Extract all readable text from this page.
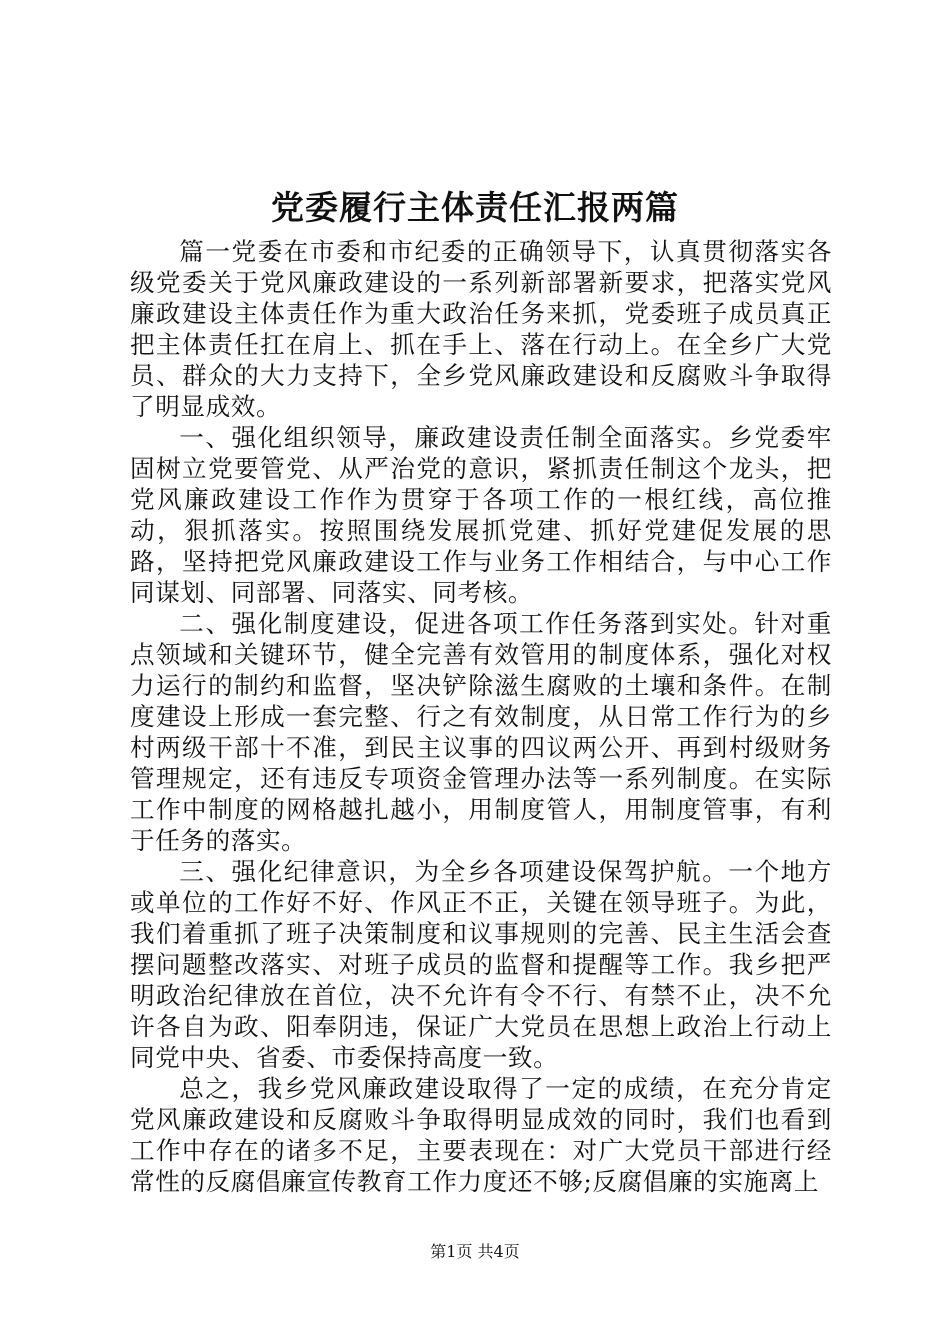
党委履行主体责任汇报两篇

篇一党委在市委和市纪委的正确领导下，认真贯彻落实各级党委关于党风廉政建设的一系列新部署新要求，把落实党风廉政建设主体责任作为重大政治任务来抓，党委班子成员真正把主体责任扛在肩上、抓在手上、落在行动上。在全乡广大党员、群众的大力支持下，全乡党风廉政建设和反腐败斗争取得了明显成效。

一、强化组织领导，廉政建设责任制全面落实。乡党委牢固树立党要管党、从严治党的意识，紧抓责任制这个龙头，把党风廉政建设工作作为贯穿于各项工作的一根红线，高位推动，狠抓落实。按照围绕发展抓党建、抓好党建促发展的思路，坚持把党风廉政建设工作与业务工作相结合，与中心工作同谋划、同部署、同落实、同考核。

二、强化制度建设，促进各项工作任务落到实处。针对重点领域和关键环节，健全完善有效管用的制度体系，强化对权力运行的制约和监督，坚决铲除滋生腐败的土壤和条件。在制度建设上形成一套完整、行之有效制度，从日常工作行为的乡村两级干部十不准，到民主议事的四议两公开、再到村级财务管理规定，还有违反专项资金管理办法等一系列制度。在实际工作中制度的网格越扎越小，用制度管人，用制度管事，有利于任务的落实。

三、强化纪律意识，为全乡各项建设保驾护航。一个地方或单位的工作好不好、作风正不正，关键在领导班子。为此，我们着重抓了班子决策制度和议事规则的完善、民主生活会查摆问题整改落实、对班子成员的监督和提醒等工作。我乡把严明政治纪律放在首位，决不允许有令不行、有禁不止，决不允许各自为政、阳奉阴违，保证广大党员在思想上政治上行动上同党中央、省委、市委保持高度一致。

总之，我乡党风廉政建设取得了一定的成绩，在充分肯定党风廉政建设和反腐败斗争取得明显成效的同时，我们也看到工作中存在的诸多不足，主要表现在：对广大党员干部进行经常性的反腐倡廉宣传教育工作力度还不够;反腐倡廉的实施离上

第1页 共4页
